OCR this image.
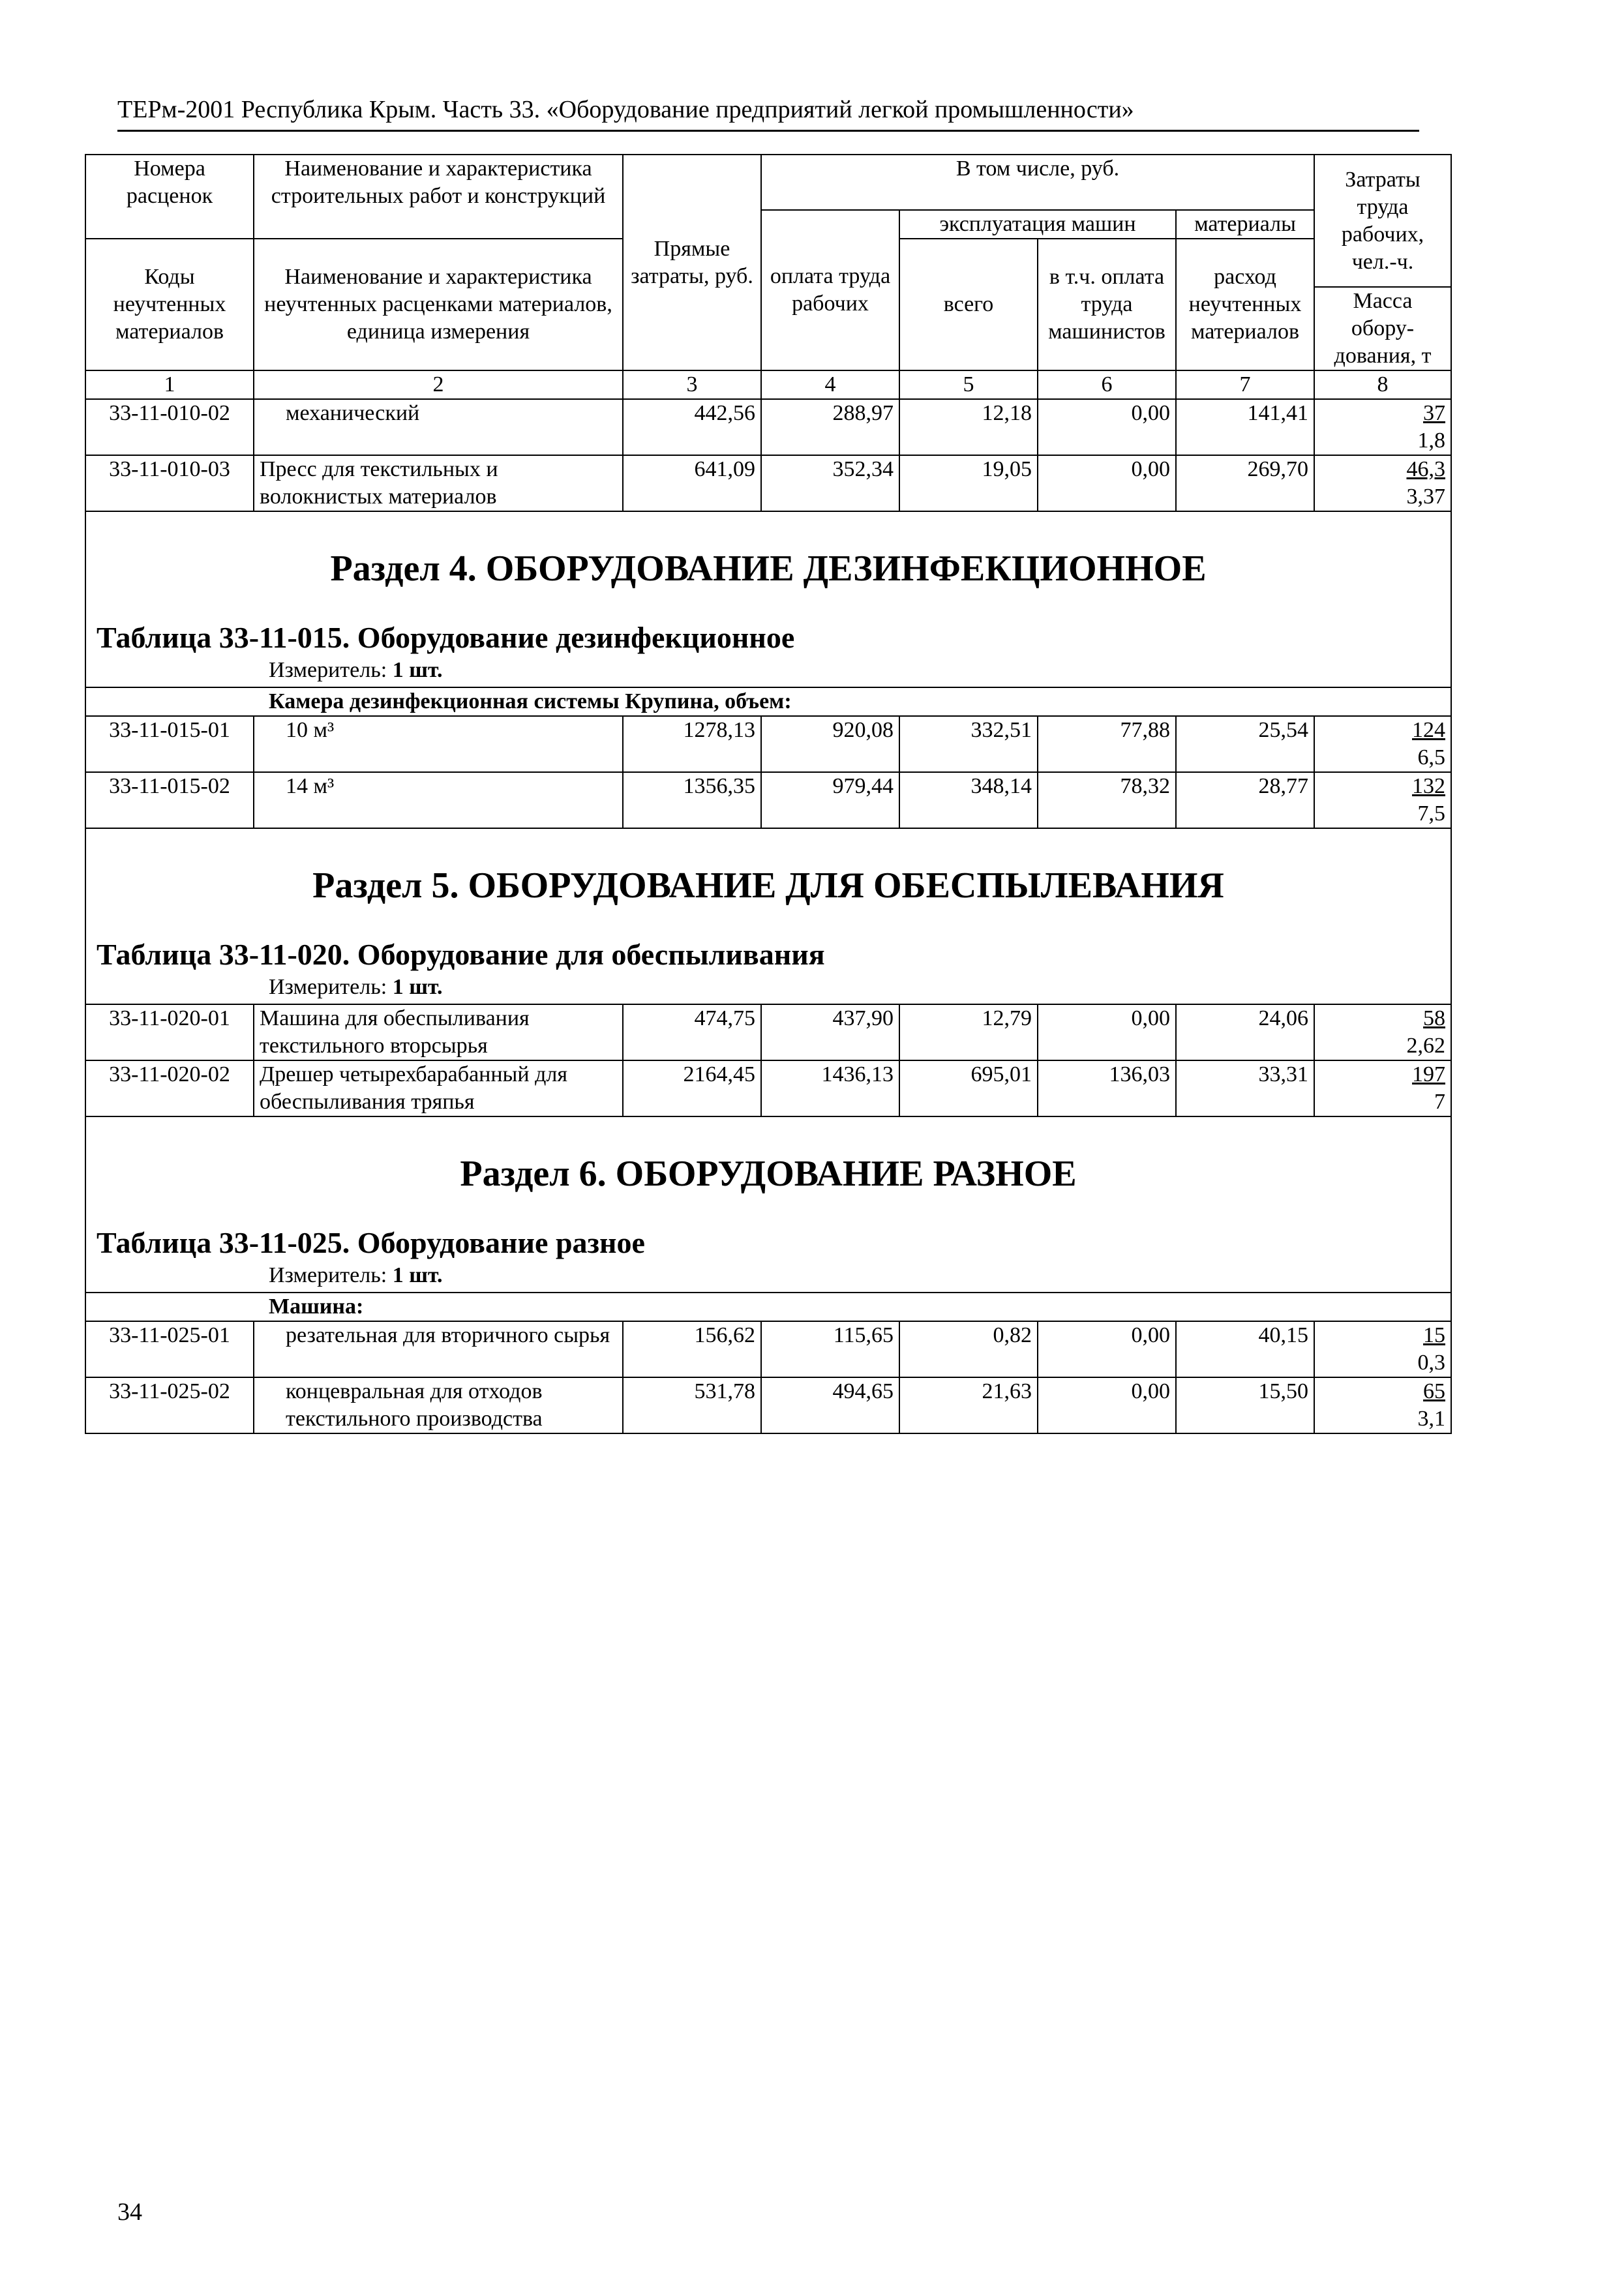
ТЕРм-2001 Республика Крым. Часть 33. «Оборудование предприятий легкой промышленности»
Номера расценок	Наименование и характеристика строительных работ и конструкций	Прямые затраты, руб.	В том числе, руб.				Затраты труда рабочих, чел.-ч.
			оплата труда рабочих	эксплуатация машин		материалы	
Коды неучтенных материалов	Наименование и характеристика неучтенных расценками материалов, единица измерения			всего	в т.ч. оплата труда машинистов	расход неучтенных материалов	
							Масса обору-дования, т
1	2	3	4	5	6	7	8
33-11-010-02	механический	442,56	288,97	12,18	0,00	141,41	37
1,8

33-11-010-03	Пресс для текстильных и волокнистых материалов	641,09	352,34	19,05	0,00	269,70	46,3
3,37

Раздел 4. ОБОРУДОВАНИЕ ДЕЗИНФЕКЦИОННОЕ
Таблица 33-11-015. Оборудование дезинфекционное
Измеритель: 1 шт.							

Камера дезинфекционная системы Крупина, объем:							
33-11-015-01	10 м³	1278,13	920,08	332,51	77,88	25,54	124
6,5

33-11-015-02	14 м³	1356,35	979,44	348,14	78,32	28,77	132
7,5

Раздел 5. ОБОРУДОВАНИЕ ДЛЯ ОБЕСПЫЛЕВАНИЯ
Таблица 33-11-020. Оборудование для обеспыливания
Измеритель: 1 шт.							

33-11-020-01	Машина для обеспыливания текстильного вторсырья	474,75	437,90	12,79	0,00	24,06	58
2,62

33-11-020-02	Дрешер четырехбарабанный для обеспыливания тряпья	2164,45	1436,13	695,01	136,03	33,31	197
7

Раздел 6. ОБОРУДОВАНИЕ РАЗНОЕ
Таблица 33-11-025. Оборудование разное
Измеритель: 1 шт.							

Машина:							
33-11-025-01	резательная для вторичного сырья	156,62	115,65	0,82	0,00	40,15	15
0,3

33-11-025-02	концевральная для отходов текстильного производства	531,78	494,65	21,63	0,00	15,50	65
3,1
34
